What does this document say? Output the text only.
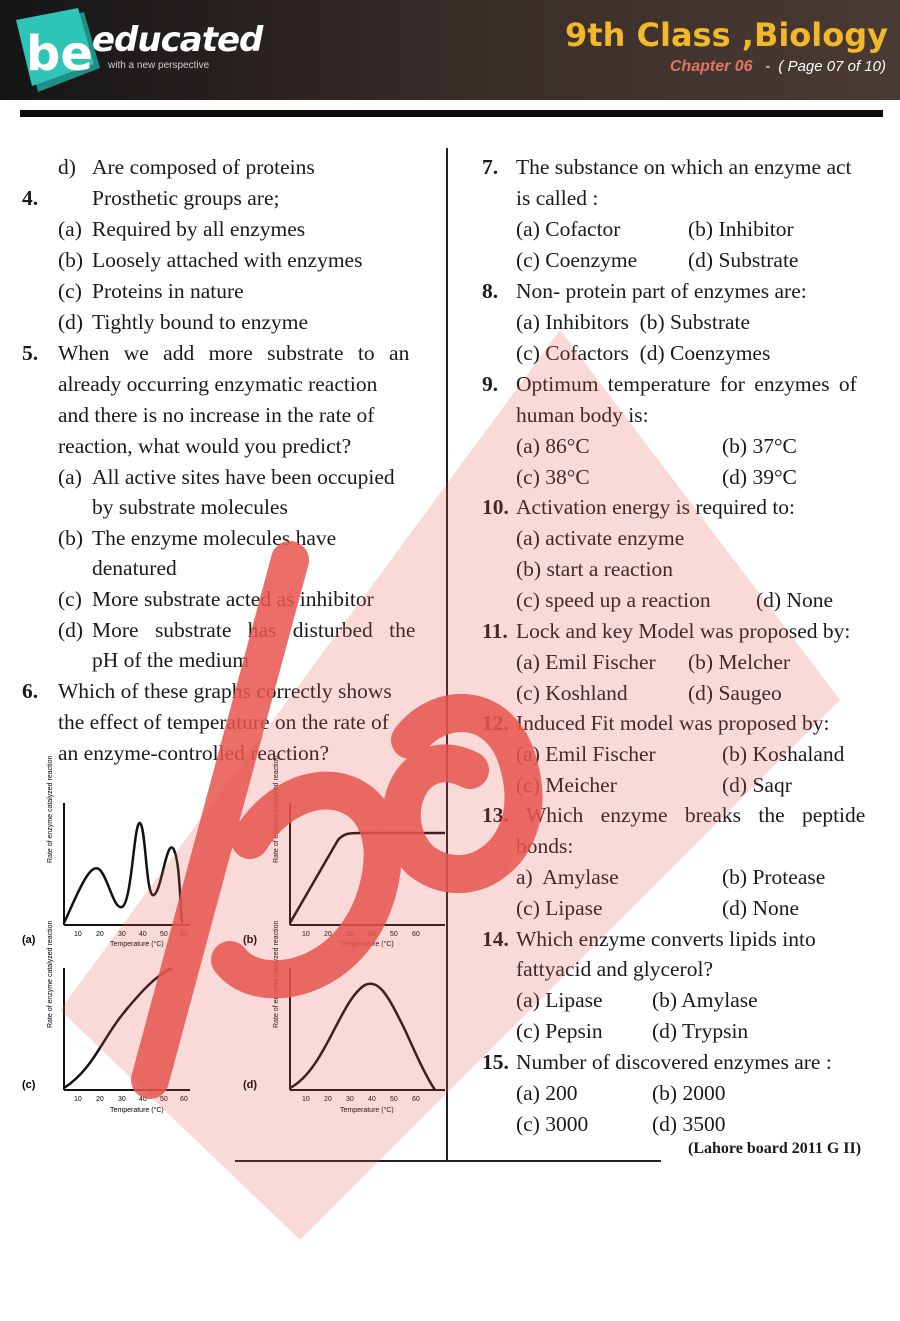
be educated
with a new perspective
9th Class ,Biology
Chapter 06 - ( Page 07 of 10)
d) Are composed of proteins
4.	Prosthetic groups are;
(a) Required by all enzymes
(b) Loosely attached with enzymes
(c) Proteins in nature
(d) Tightly bound to enzyme
5. When we add more substrate to an
already occurring enzymatic reaction
and there is no increase in the rate of
reaction, what would you predict?
(a) All active sites have been occupied
by substrate molecules
(b) The enzyme molecules have
denatured
(c) More substrate acted as inhibitor
(d) More substrate has disturbed the
pH of the medium
6. Which of these graphs correctly shows
the effect of temperature on the rate of
an enzyme-controlled reaction?
Rate of enzyme catalyzed reaction
10 20 30 40 50 60
Temperature (°C)
(a)
Rate of enzyme catalyzed reaction
10 20 30 40 50 60
Temperature (°C)
(b)
Rate of enzyme catalyzed reaction
10 20 30 40 50 60
Temperature (°C)
(c)
Rate of enzyme catalyzed reaction
10 20 30 40 50 60
Temperature (°C)
(d)
7. The substance on which an enzyme act
is called :
(a) Cofactor	(b) Inhibitor
(c) Coenzyme (d) Substrate
8. Non- protein part of enzymes are:
(a) Inhibitors  (b) Substrate
(c) Cofactors  (d) Coenzymes
9. Optimum temperature for enzymes of
human body is:
(a) 86°C	(b) 37°C
(c) 38°C	(d) 39°C
10. Activation energy is required to:
(a) activate enzyme
(b) start a reaction
(c) speed up a reaction (d) None
11. Lock and key Model was proposed by:
(a) Emil Fischer (b) Melcher
(c) Koshland	(d) Saugeo
12. Induced Fit model was proposed by:
(a) Emil Fischer	(b) Koshaland
(c) Meicher	(d) Saqr
13. Which enzyme breaks the peptide
bonds:
a)  Amylase	(b) Protease
(c) Lipase	(d) None
14. Which enzyme converts lipids into
fattyacid and glycerol?
(a) Lipase (b) Amylase
(c) Pepsin (d) Trypsin
15. Number of discovered enzymes are :
(a) 200	(b) 2000
(c) 3000	(d) 3500
(Lahore board 2011 G II)
